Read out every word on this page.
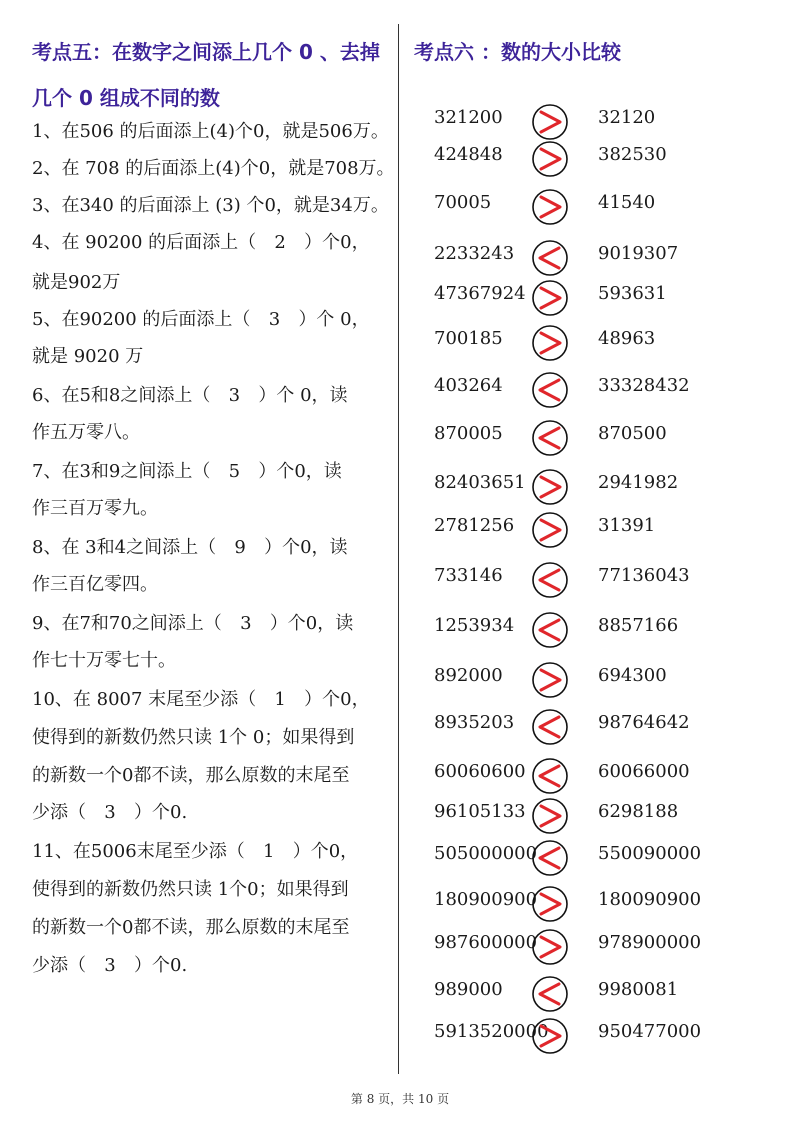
考点五：在数字之间添上几个 0 、去掉
几个 0 组成不同的数
1、在506 的后面添上(4)个0，就是506万。
2、在 708 的后面添上(4)个0，就是708万。
3、在340 的后面添上 (3) 个0，就是34万。
4、在 90200 的后面添上（ 2 ）个0，
就是902万
5、在90200 的后面添上（ 3 ）个 0，
就是 9020 万
6、在5和8之间添上（ 3 ）个 0，读
作五万零八。
7、在3和9之间添上（ 5 ）个0，读
作三百万零九。
8、在 3和4之间添上（ 9 ）个0，读
作三百亿零四。
9、在7和70之间添上（ 3 ）个0，读
作七十万零七十。
10、在 8007 末尾至少添（ 1 ）个0，
使得到的新数仍然只读 1个 0；如果得到
的新数一个0都不读，那么原数的末尾至
少添（ 3 ）个0.
11、在5006末尾至少添（ 1 ）个0，
使得到的新数仍然只读 1个0；如果得到
的新数一个0都不读，那么原数的末尾至
少添（ 3 ）个0.
考点六 ：数的大小比较
321200	32120
424848	382530
70005	41540
2233243	9019307
47367924	593631
700185	48963
403264	33328432
870005	870500
82403651	2941982
2781256	31391
733146	77136043
1253934	8857166
892000	694300
8935203	98764642
60060600	60066000
96105133	6298188
505000000	550090000
180900900	180090900
987600000	978900000
989000	9980081
5913520000	950477000
第 8 页，共 10 页
